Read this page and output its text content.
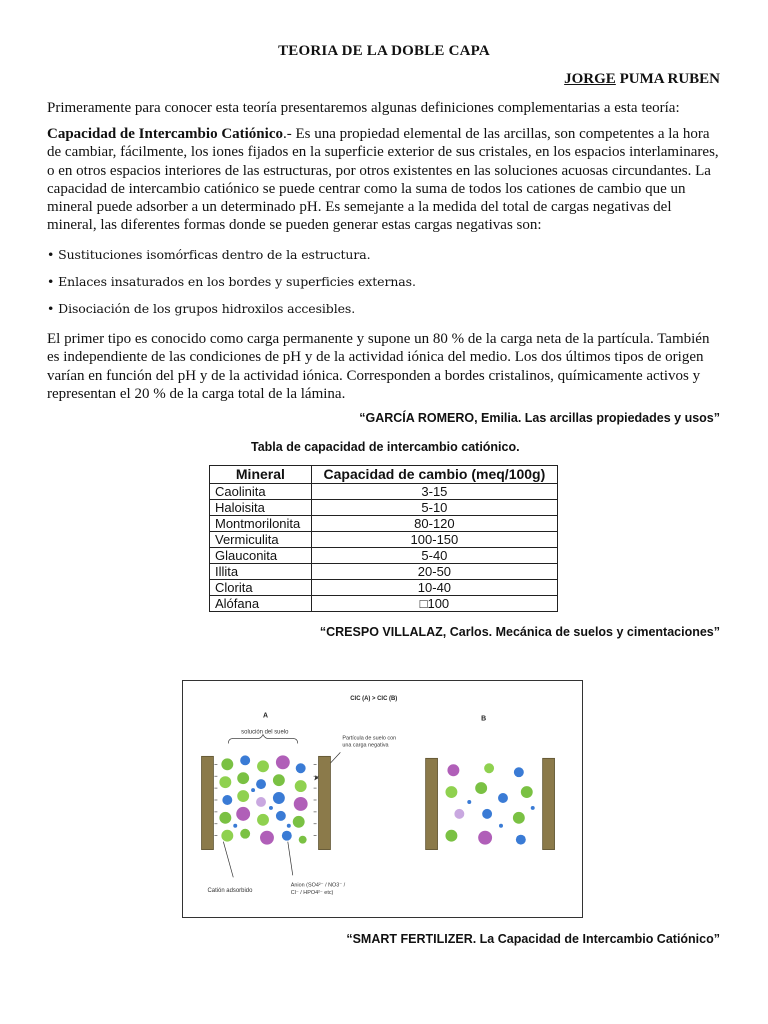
TEORIA DE LA DOBLE CAPA
JORGE PUMA RUBEN
Primeramente para conocer esta teoría presentaremos algunas definiciones complementarias a esta teoría:
Capacidad de Intercambio Catiónico.- Es una propiedad elemental de las arcillas, son competentes a la hora de cambiar, fácilmente, los iones fijados en la superficie exterior de sus cristales, en los espacios interlaminares, o en otros espacios interiores de las estructuras, por otros existentes en las soluciones acuosas circundantes. La capacidad de intercambio catiónico se puede centrar como la suma de todos los cationes de cambio que un mineral puede adsorber a un determinado pH. Es semejante a la medida del total de cargas negativas del mineral, las diferentes formas donde se pueden generar estas cargas negativas son:
• Sustituciones isomórficas dentro de la estructura.
• Enlaces insaturados en los bordes y superficies externas.
• Disociación de los grupos hidroxilos accesibles.
El primer tipo es conocido como carga permanente y supone un 80 % de la carga neta de la partícula. También es independiente de las condiciones de pH y de la actividad iónica del medio. Los dos últimos tipos de origen varían en función del pH y de la actividad iónica. Corresponden a bordes cristalinos, químicamente activos y representan el 20 % de la carga total de la lámina.
“GARCÍA ROMERO, Emilia. Las arcillas propiedades y usos”
Tabla de capacidad de intercambio catiónico.
Mineral	Capacidad de cambio (meq/100g)
Caolinita	3-15
Haloisita	5-10
Montmorilonita	80-120
Vermiculita	100-150
Glauconita	5-40
Illita	20-50
Clorita	10-40
Alófana	□100
“CRESPO VILLALAZ, Carlos. Mecánica de suelos y cimentaciones”
CIC (A) > CIC (B)
A	B
solución del suelo
Partícula de suelo con
una carga negativa
Catión adsorbido
Anion (SO4²⁻ / NO3⁻ /
Cl⁻ / HPO4²⁻ etc)
“SMART FERTILIZER. La Capacidad de Intercambio Catiónico”
